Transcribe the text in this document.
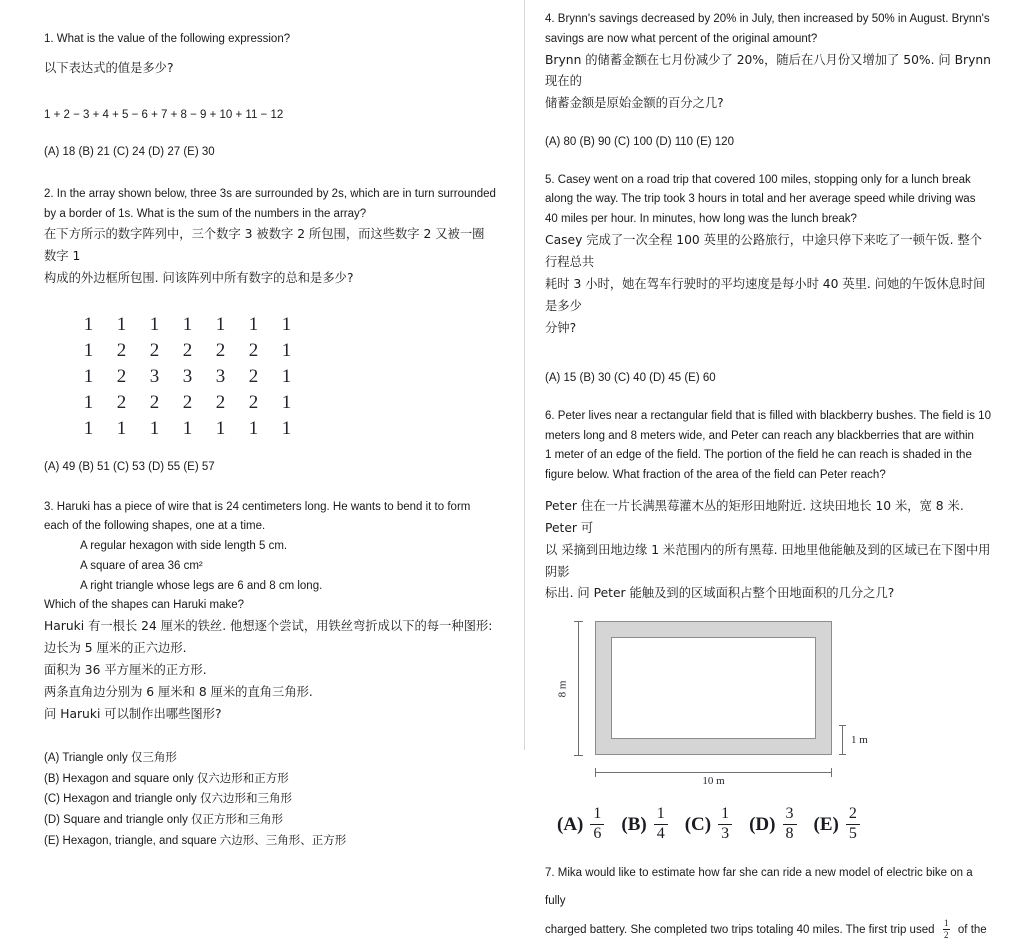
1. What is the value of the following expression?
以下表达式的值是多少?
1 + 2 − 3 + 4 + 5 − 6 + 7 + 8 − 9 + 10 + 11 − 12
(A) 18 (B) 21 (C) 24 (D) 27 (E) 30
2. In the array shown below, three 3s are surrounded by 2s, which are in turn surrounded
by a border of 1s. What is the sum of the numbers in the array?
在下方所示的数字阵列中，三个数字 3 被数字 2 所包围，而这些数字 2 又被一圈数字 1
构成的外边框所包围. 问该阵列中所有数字的总和是多少?
1	1	1	1	1	1	1
1	2	2	2	2	2	1
1	2	3	3	3	2	1
1	2	2	2	2	2	1
1	1	1	1	1	1	1
(A) 49 (B) 51 (C) 53 (D) 55 (E) 57
3. Haruki has a piece of wire that is 24 centimeters long. He wants to bend it to form
each of the following shapes, one at a time.
A regular hexagon with side length 5 cm.
A square of area 36 cm²
A right triangle whose legs are 6 and 8 cm long.
Which of the shapes can Haruki make?
Haruki 有一根长 24 厘米的铁丝. 他想逐个尝试，用铁丝弯折成以下的每一种图形:
边长为 5 厘米的正六边形.
面积为 36 平方厘米的正方形.
两条直角边分别为 6 厘米和 8 厘米的直角三角形.
问 Haruki 可以制作出哪些图形?
(A) Triangle only 仅三角形
(B) Hexagon and square only 仅六边形和正方形
(C) Hexagon and triangle only 仅六边形和三角形
(D) Square and triangle only 仅正方形和三角形
(E) Hexagon, triangle, and square 六边形、三角形、正方形
4. Brynn's savings decreased by 20% in July, then increased by 50% in August. Brynn's
savings are now what percent of the original amount?
Brynn 的储蓄金额在七月份减少了 20%，随后在八月份又增加了 50%. 问 Brynn 现在的
储蓄金额是原始金额的百分之几?
(A) 80 (B) 90 (C) 100 (D) 110 (E) 120
5. Casey went on a road trip that covered 100 miles, stopping only for a lunch break
along the way. The trip took 3 hours in total and her average speed while driving was
40 miles per hour. In minutes, how long was the lunch break?
Casey 完成了一次全程 100 英里的公路旅行，中途只停下来吃了一顿午饭. 整个行程总共
耗时 3 小时，她在驾车行驶时的平均速度是每小时 40 英里. 问她的午饭休息时间是多少
分钟?
(A) 15 (B) 30 (C) 40 (D) 45 (E) 60
6. Peter lives near a rectangular field that is filled with blackberry bushes. The field is 10
meters long and 8 meters wide, and Peter can reach any blackberries that are within
1 meter of an edge of the field. The portion of the field he can reach is shaded in the
figure below. What fraction of the area of the field can Peter reach?
Peter 住在一片长满黑莓灌木丛的矩形田地附近. 这块田地长 10 米，宽 8 米. Peter 可
以 采摘到田地边缘 1 米范围内的所有黑莓. 田地里他能触及到的区域已在下图中用阴影
标出. 问 Peter 能触及到的区域面积占整个田地面积的几分之几?
8 m
1 m
10 m
$(A) \frac{1}{6} (B) \frac{1}{4} (C) \frac{1}{3} (D) \frac{3}{8} (E) \frac{2}{5}$
7. Mika would like to estimate how far she can ride a new model of electric bike on a fully
charged battery. She completed two trips totaling 40 miles. The first trip used $\frac{1}{2}$ of the
